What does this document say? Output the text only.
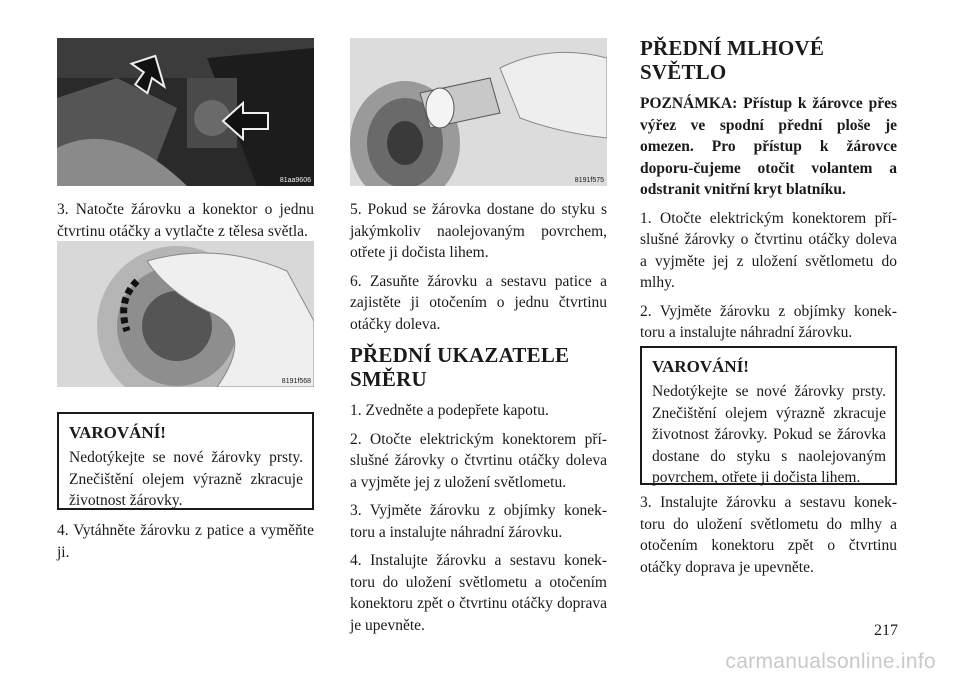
81aa9606

3. Natočte žárovku a konektor o jednu čtvrtinu otáčky a vytlačte z tělesa světla.

8191f568
VAROVÁNÍ!
Nedotýkejte se nové žárovky prsty. Znečištění olejem výrazně zkracuje životnost žárovky.

4. Vytáhněte žárovku z patice a vyměňte ji.

8191f575

5. Pokud se žárovka dostane do styku s jakýmkoliv naolejovaným povrchem, otřete ji dočista lihem.

6. Zasuňte žárovku a sestavu patice a zajistěte ji otočením o jednu čtvrtinu otáčky doleva.

PŘEDNÍ UKAZATELE SMĚRU

1. Zvedněte a podepřete kapotu.

2. Otočte elektrickým konektorem pří-slušné žárovky o čtvrtinu otáčky doleva a vyjměte jej z uložení světlometu.

3. Vyjměte žárovku z objímky konek-toru a instalujte náhradní žárovku.

4. Instalujte žárovku a sestavu konek-toru do uložení světlometu a otočením konektoru zpět o čtvrtinu otáčky doprava je upevněte.

PŘEDNÍ MLHOVÉ SVĚTLO

POZNÁMKA: Přístup k žárovce přes výřez ve spodní přední ploše je omezen. Pro přístup k žárovce doporu-čujeme otočit volantem a odstranit vnitřní kryt blatníku.

1. Otočte elektrickým konektorem pří-slušné žárovky o čtvrtinu otáčky doleva a vyjměte jej z uložení světlometu do mlhy.

2. Vyjměte žárovku z objímky konek-toru a instalujte náhradní žárovku.

VAROVÁNÍ!
Nedotýkejte se nové žárovky prsty. Znečištění olejem výrazně zkracuje životnost žárovky. Pokud se žárovka dostane do styku s naolejovaným povrchem, otřete ji dočista lihem.

3. Instalujte žárovku a sestavu konek-toru do uložení světlometu do mlhy a otočením konektoru zpět o čtvrtinu otáčky doprava je upevněte.

217
carmanualsonline.info
